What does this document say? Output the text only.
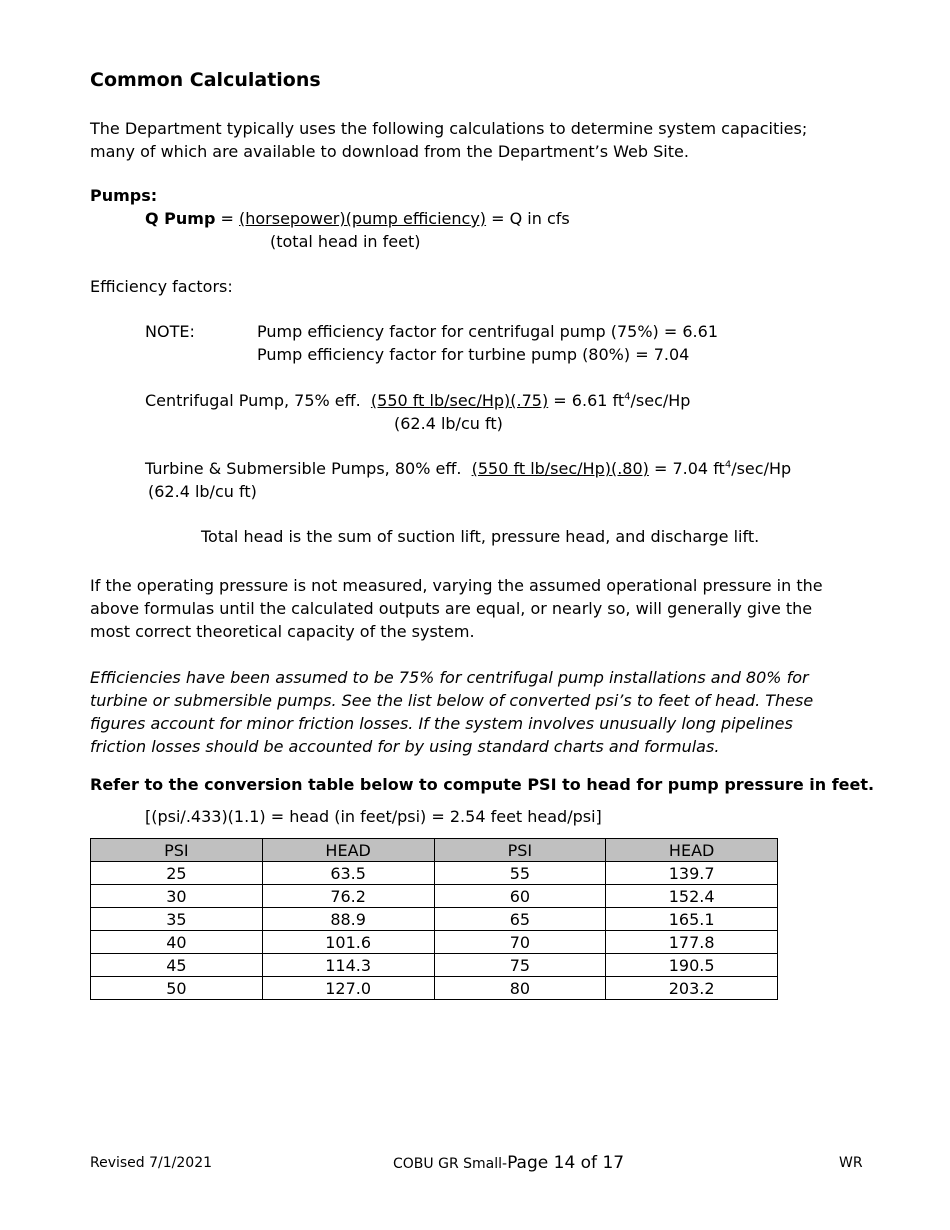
Common Calculations
The Department typically uses the following calculations to determine system capacities; many of which are available to download from the Department’s Web Site.
Pumps:
Q Pump = (horsepower)(pump efficiency) = Q in cfs
(total head in feet)
Efficiency factors:
NOTE:	Pump efficiency factor for centrifugal pump (75%) = 6.61
Pump efficiency factor for turbine pump (80%) = 7.04
Centrifugal Pump, 75% eff. (550 ft lb/sec/Hp)(.75) = 6.61 $ft^4/\sec/Hp$
(62.4 lb/cu ft)
Turbine & Submersible Pumps, 80% eff. (550 ft lb/sec/Hp)(.80) = 7.04 $ft^4/\sec/Hp$
(62.4 lb/cu ft)
Total head is the sum of suction lift, pressure head, and discharge lift.
If the operating pressure is not measured, varying the assumed operational pressure in the above formulas until the calculated outputs are equal, or nearly so, will generally give the most correct theoretical capacity of the system.
Efficiencies have been assumed to be 75% for centrifugal pump installations and 80% for turbine or submersible pumps. See the list below of converted psi’s to feet of head. These figures account for minor friction losses. If the system involves unusually long pipelines friction losses should be accounted for by using standard charts and formulas.
Refer to the conversion table below to compute PSI to head for pump pressure in feet.
[(psi/.433)(1.1) = head (in feet/psi) = 2.54 feet head/psi]
PSI	HEAD	PSI	HEAD
25	63.5	55	139.7
30	76.2	60	152.4
35	88.9	65	165.1
40	101.6	70	177.8
45	114.3	75	190.5
50	127.0	80	203.2
Revised 7/1/2021	COBU GR Small-Page 14 of 17	WR
